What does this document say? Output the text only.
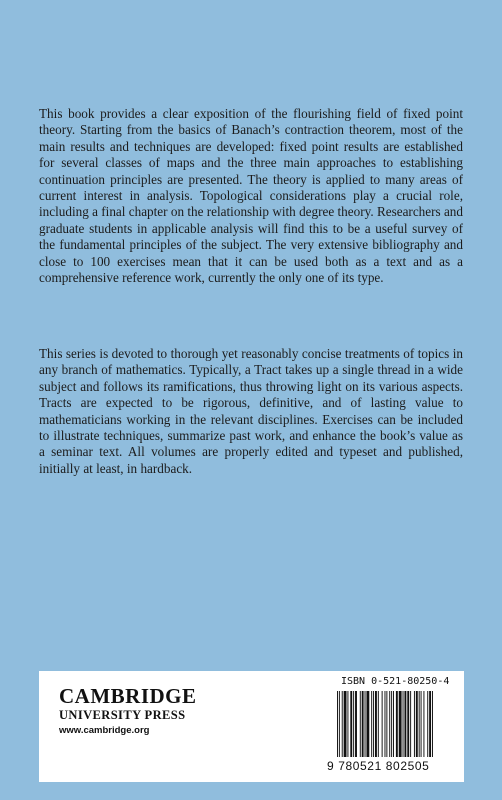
This book provides a clear exposition of the flourishing field of fixed point theory. Starting from the basics of Banach’s contraction theorem, most of the main results and techniques are developed: fixed point results are established for several classes of maps and the three main approaches to establishing continuation principles are presented. The theory is applied to many areas of current interest in analysis. Topological considerations play a crucial role, including a final chapter on the relationship with degree theory. Researchers and graduate students in applicable analysis will find this to be a useful survey of the fundamental principles of the subject. The very extensive bibliography and close to 100 exercises mean that it can be used both as a text and as a comprehensive reference work, currently the only one of its type.

This series is devoted to thorough yet reasonably concise treatments of topics in any branch of mathematics. Typically, a Tract takes up a single thread in a wide subject and follows its ramifications, thus throwing light on its various aspects. Tracts are expected to be rigorous, definitive, and of lasting value to mathematicians working in the relevant disciplines. Exercises can be included to illustrate techniques, summarize past work, and enhance the book’s value as a seminar text. All volumes are properly edited and typeset and published, initially at least, in hardback.

CAMBRIDGE
UNIVERSITY PRESS
www.cambridge.org
ISBN 0-521-80250-4
9 780521 802505
